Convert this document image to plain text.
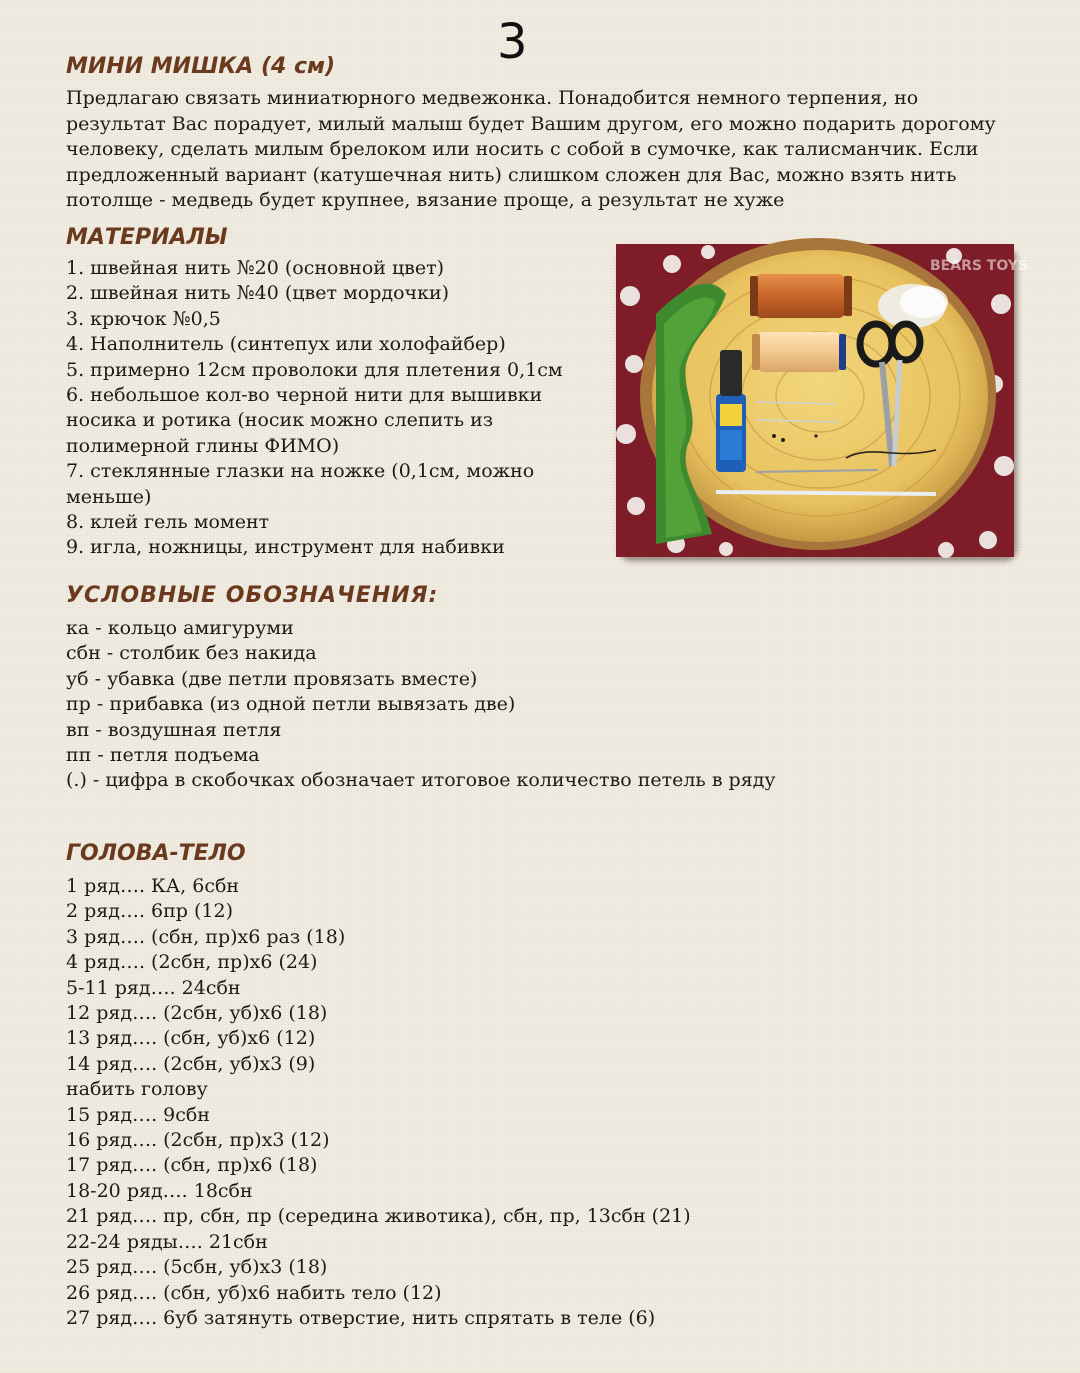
3
МИНИ МИШКА (4 см)

Предлагаю связать миниатюрного медвежонка. Понадобится немного терпения, но результат Вас порадует, милый малыш будет Вашим другом, его можно подарить дорогому человеку, сделать милым брелоком или носить с собой в сумочке, как талисманчик. Если предложенный вариант (катушечная нить) слишком сложен для Вас, можно взять нить потолще - медведь будет крупнее, вязание проще, а результат не хуже

МАТЕРИАЛЫ
1. швейная нить №20 (основной цвет)
2. швейная нить №40 (цвет мордочки)
3. крючок №0,5
4. Наполнитель (синтепух или холофайбер)
5. примерно 12см проволоки для плетения 0,1см
6. небольшое кол-во черной нити для вышивки носика и ротика (носик можно слепить из полимерной глины ФИМО)
7. стеклянные глазки на ножке (0,1см, можно меньше)
8. клей гель момент
9. игла, ножницы, инструмент для набивки
BEARS TOYS
УСЛОВНЫЕ ОБОЗНАЧЕНИЯ:
ка - кольцо амигуруми
сбн - столбик без накида
уб - убавка (две петли провязать вместе)
пр - прибавка (из одной петли вывязать две)
вп - воздушная петля
пп - петля подъема
(.) - цифра в скобочках обозначает итоговое количество петель в ряду
ГОЛОВА-ТЕЛО
1 ряд…. КА, 6сбн
2 ряд…. 6пр (12)
3 ряд…. (сбн, пр)х6 раз (18)
4 ряд…. (2сбн, пр)х6 (24)
5-11 ряд…. 24сбн
12 ряд…. (2сбн, уб)х6 (18)
13 ряд…. (сбн, уб)х6 (12)
14 ряд…. (2сбн, уб)х3 (9)
набить голову
15 ряд…. 9сбн
16 ряд…. (2сбн, пр)х3 (12)
17 ряд…. (сбн, пр)х6 (18)
18-20 ряд…. 18сбн
21 ряд…. пр, сбн, пр (середина животика), сбн, пр, 13сбн (21)
22-24 ряды…. 21сбн
25 ряд…. (5сбн, уб)х3 (18)
26 ряд…. (сбн, уб)х6 набить тело (12)
27 ряд…. 6уб затянуть отверстие, нить спрятать в теле (6)
